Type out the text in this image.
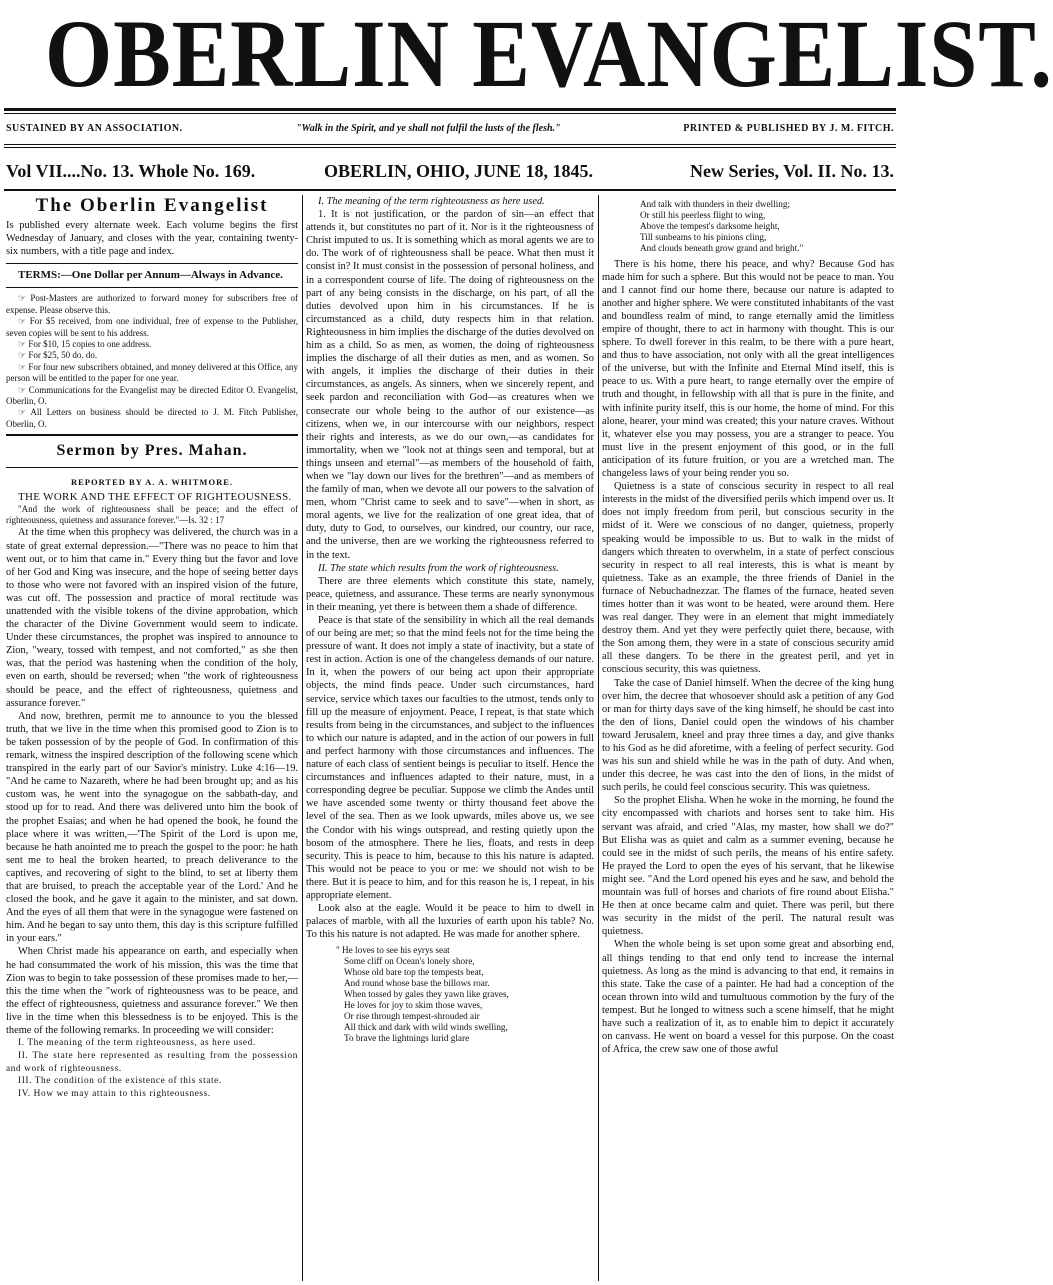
OBERLIN EVANGELIST.
SUSTAINED BY AN ASSOCIATION.	"Walk in the Spirit, and ye shall not fulfil the lusts of the flesh."	PRINTED & PUBLISHED BY J. M. FITCH.
Vol VII....No. 13. Whole No. 169.	OBERLIN, OHIO, JUNE 18, 1845.	New Series, Vol. II. No. 13.
The Oberlin Evangelist

Is published every alternate week. Each volume begins the first Wednesday of January, and closes with the year, containing twenty-six numbers, with a title page and index.

TERMS:—One Dollar per Annum—Always in Advance.

☞ Post-Masters are authorized to forward money for subscribers free of expense. Please observe this.

☞ For $5 received, from one individual, free of expense to the Publisher, seven copies will be sent to his address.

☞ For $10, 15 copies to one address.

☞ For $25, 50 do. do.

☞ For four new subscribers obtained, and money delivered at this Office, any person will be entitled to the paper for one year.

☞ Communications for the Evangelist may be directed Editor O. Evangelist, Oberlin, O.

☞ All Letters on business should be directed to J. M. Fitch Publisher, Oberlin, O.

Sermon by Pres. Mahan.
REPORTED BY A. A. WHITMORE.

THE WORK AND THE EFFECT OF RIGHTEOUSNESS.

"And the work of righteousness shall be peace; and the effect of righteousness, quietness and assurance forever."—Is. 32 : 17

At the time when this prophecy was delivered, the church was in a state of great external depression.—"There was no peace to him that went out, or to him that came in." Every thing but the favor and love of her God and King was insecure, and the hope of seeing better days to those who were not favored with an inspired vision of the future, was cut off. The possession and practice of moral rectitude was unattended with the visible tokens of the divine approbation, which the character of the Divine Government would seem to indicate. Under these circumstances, the prophet was inspired to announce to Zion, "weary, tossed with tempest, and not comforted," as she then was, that the period was hastening when the condition of the holy, even on earth, should be reversed; when "the work of righteousness should be peace, and the effect of righteousness, quietness and assurance forever."

And now, brethren, permit me to announce to you the blessed truth, that we live in the time when this promised good to Zion is to be taken possession of by the people of God. In confirmation of this remark, witness the inspired description of the following scene which transpired in the early part of our Savior's ministry. Luke 4:16—19. "And he came to Nazareth, where he had been brought up; and as his custom was, he went into the synagogue on the sabbath-day, and stood up for to read. And there was delivered unto him the book of the prophet Esaias; and when he had opened the book, he found the place where it was written,—'The Spirit of the Lord is upon me, because he hath anointed me to preach the gospel to the poor: he hath sent me to heal the broken hearted, to preach deliverance to the captives, and recovering of sight to the blind, to set at liberty them that are bruised, to preach the acceptable year of the Lord.' And he closed the book, and he gave it again to the minister, and sat down. And the eyes of all them that were in the synagogue were fastened on him. And he began to say unto them, this day is this scripture fulfilled in your ears."

When Christ made his appearance on earth, and especially when he had consummated the work of his mission, this was the time that Zion was to begin to take possession of these promises made to her,—this the time when the "work of righteousness was to be peace, and the effect of righteousness, quietness and assurance forever." We then live in the time when this blessedness is to be enjoyed. This is the theme of the following remarks. In proceeding we will consider:

I. The meaning of the term righteousness, as here used.

II. The state here represented as resulting from the possession and work of righteousness.

III. The condition of the existence of this state.

IV. How we may attain to this righteousness.

I. The meaning of the term righteousness as here used.

1. It is not justification, or the pardon of sin—an effect that attends it, but constitutes no part of it. Nor is it the righteousness of Christ imputed to us. It is something which as moral agents we are to do. The work of of righteousness shall be peace. What then must it consist in? It must consist in the possession of personal holiness, and in a correspondent course of life. The doing of righteousness on the part of any being consists in the discharge, on his part, of all the duties devolved upon him in his circumstances. If he is circumstanced as a child, duty respects him in that relation. Righteousness in him implies the discharge of the duties devolved on him as a child. So as men, as women, the doing of righteousness implies the discharge of all their duties as men, and as women. So with angels, it implies the discharge of their duties in their circumstances, as angels. As sinners, when we sincerely repent, and seek pardon and reconciliation with God—as creatures when we consecrate our whole being to the author of our existence—as citizens, when we, in our intercourse with our neighbors, respect their rights and interests, as we do our own,—as candidates for immortality, when we "look not at things seen and temporal, but at things unseen and eternal"—as members of the household of faith, when we "lay down our lives for the brethren"—and as members of the family of man, when we devote all our powers to the salvation of men, whom "Christ came to seek and to save"—when in short, as moral agents, we live for the realization of one great idea, that of duty, duty to God, to ourselves, our kindred, our country, our race, and the universe, then are we working the righteousness referred to in the text.

II. The state which results from the work of righteousness.

There are three elements which constitute this state, namely, peace, quietness, and assurance. These terms are nearly synonymous in their meaning, yet there is between them a shade of difference.

Peace is that state of the sensibility in which all the real demands of our being are met; so that the mind feels not for the time being the pressure of want. It does not imply a state of inactivity, but a state of rest in action. Action is one of the changeless demands of our nature. In it, when the powers of our being act upon their appropriate objects, the mind finds peace. Under such circumstances, hard service, service which taxes our faculties to the utmost, tends only to fill up the measure of enjoyment. Peace, I repeat, is that state which results from being in the circumstances, and subject to the influences to which our nature is adapted, and in the action of our powers in full and perfect harmony with those circumstances and influences. The nature of each class of sentient beings is peculiar to itself. Hence the circumstances and influences adapted to their nature, must, in a corresponding degree be peculiar. Suppose we climb the Andes until we have ascended some twenty or thirty thousand feet above the level of the sea. Then as we look upwards, miles above us, we see the Condor with his wings outspread, and resting quietly upon the bosom of the atmosphere. There he lies, floats, and rests in deep security. This is peace to him, because to this his nature is adapted. This would not be peace to you or me: we should not wish to be there. But it is peace to him, and for this reason he is, I repeat, in his appropriate element.

Look also at the eagle. Would it be peace to him to dwell in palaces of marble, with all the luxuries of earth upon his table? No. To this his nature is not adapted. He was made for another sphere.

" He loves to see his eyrys seat
Some cliff on Ocean's lonely shore,
Whose old bare top the tempests beat,
And round whose base the billows roar.
When tossed by gales they yawn like graves,
He loves for joy to skim those waves,
Or rise through tempest-shrouded air
All thick and dark with wild winds swelling,
To brave the lightnings lurid glare
And talk with thunders in their dwelling;
Or still his peerless flight to wing,
Above the tempest's darksome height,
Till sunbeams to his pinions cling,
And clouds beneath grow grand and bright."

There is his home, there his peace, and why? Because God has made him for such a sphere. But this would not be peace to man. You and I cannot find our home there, because our nature is adapted to another and higher sphere. We were constituted inhabitants of the vast and boundless realm of mind, to range eternally amid the limitless empire of thought, there to act in harmony with thought. This is our sphere. To dwell forever in this realm, to be there with a pure heart, and thus to have association, not only with all the great intelligences of the universe, but with the Infinite and Eternal Mind itself, this is peace to us. With a pure heart, to range eternally over the empire of truth and thought, in fellowship with all that is pure in the finite, and with infinite purity itself, this is our home, the home of mind. For this alone, hearer, your mind was created; this your nature craves. Without it, whatever else you may possess, you are a stranger to peace. You must live in the present enjoyment of this good, or in the full anticipation of its future fruition, or you are a wretched man. The changeless laws of your being render you so.

Quietness is a state of conscious security in respect to all real interests in the midst of the diversified perils which impend over us. It does not imply freedom from peril, but conscious security in the midst of it. Were we conscious of no danger, quietness, properly speaking would be impossible to us. But to walk in the midst of dangers which threaten to overwhelm, in a state of perfect conscious security in respect to all real interests, this is what is meant by quietness. Take as an example, the three friends of Daniel in the furnace of Nebuchadnezzar. The flames of the furnace, heated seven times hotter than it was wont to be heated, were around them. Here was real danger. They were in an element that might immediately destroy them. And yet they were perfectly quiet there, because, with the Son among them, they were in a state of conscious security amid all these dangers. To be there in the greatest peril, and yet in conscious security, this was quietness.

Take the case of Daniel himself. When the decree of the king hung over him, the decree that whosoever should ask a petition of any God or man for thirty days save of the king himself, he should be cast into the den of lions, Daniel could open the windows of his chamber toward Jerusalem, kneel and pray three times a day, and give thanks to his God as he did aforetime, with a feeling of perfect security. God was his sun and shield while he was in the path of duty. And when, under this decree, he was cast into the den of lions, in the midst of such perils, he could feel conscious security. This was quietness.

So the prophet Elisha. When he woke in the morning, he found the city encompassed with chariots and horses sent to take him. His servant was afraid, and cried "Alas, my master, how shall we do?" But Elisha was as quiet and calm as a summer evening, because he could see in the midst of such perils, the means of his entire safety. He prayed the Lord to open the eyes of his servant, that he likewise might see. "And the Lord opened his eyes and he saw, and behold the mountain was full of horses and chariots of fire round about Elisha." He then at once became calm and quiet. There was peril, but there was security in the midst of the peril. The natural result was quietness.

When the whole being is set upon some great and absorbing end, all things tending to that end only tend to increase the internal quietness. As long as the mind is advancing to that end, it remains in this state. Take the case of a painter. He had had a conception of the ocean thrown into wild and tumultuous commotion by the fury of the tempest. But he longed to witness such a scene himself, that he might have such a realization of it, as to enable him to depict it accurately on canvass. He went on board a vessel for this purpose. On the coast of Africa, the crew saw one of those awful
